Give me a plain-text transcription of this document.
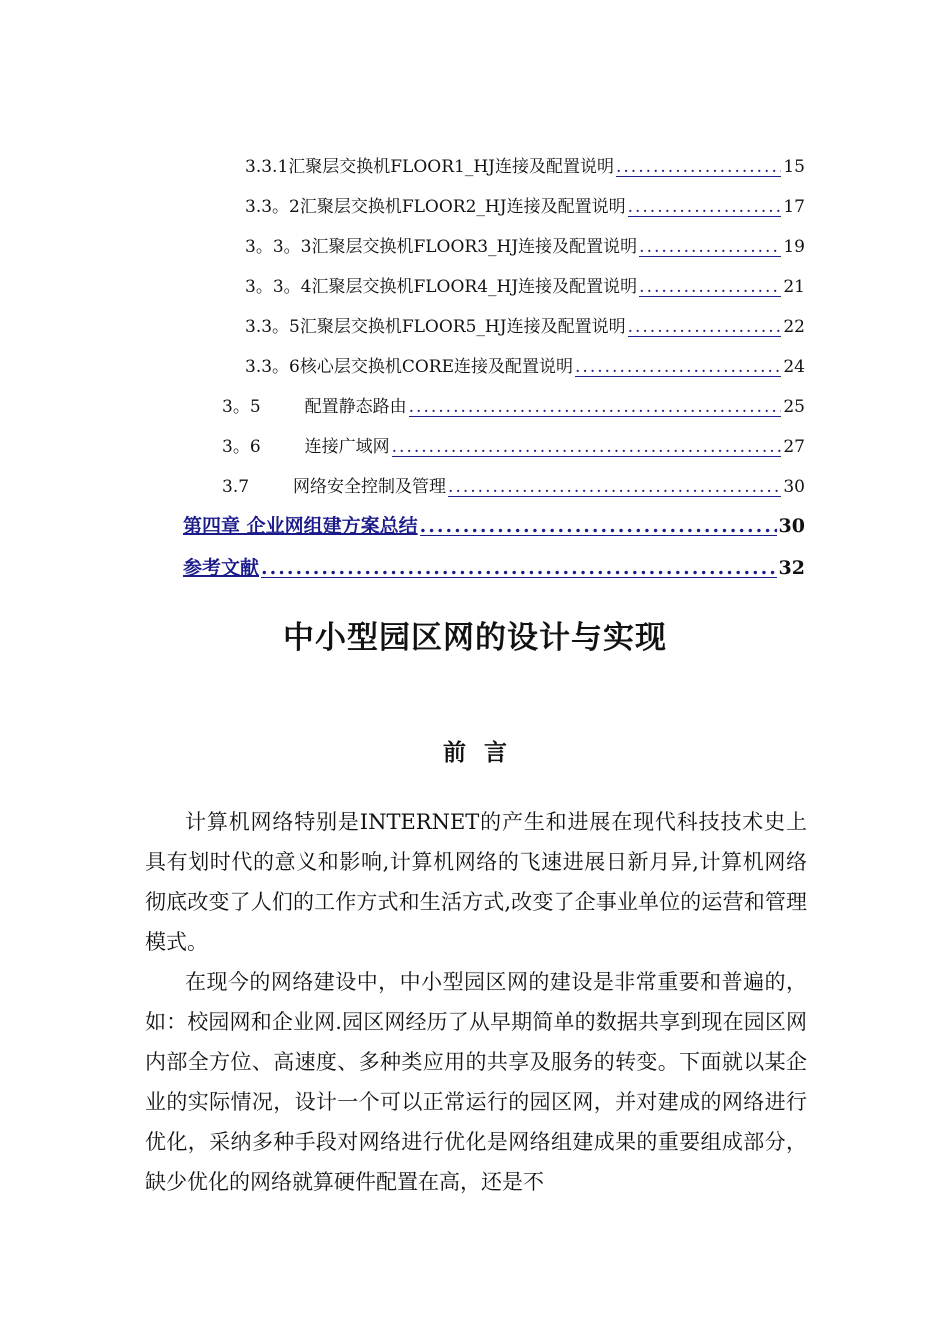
3.3.1汇聚层交换机FLOOR1_HJ连接及配置说明 .....	15
3.3。2汇聚层交换机FLOOR2_HJ连接及配置说明 .....	17
3。3。3汇聚层交换机FLOOR3_HJ连接及配置说明 .....	19
3。3。4汇聚层交换机FLOOR4_HJ连接及配置说明 .....	21
3.3。5汇聚层交换机FLOOR5_HJ连接及配置说明 .....	22
3.3。6核心层交换机CORE连接及配置说明 .....	24
3。5	配置静态路由 .....	25
3。6	连接广域网 .....	27
3.7	网络安全控制及管理 .....	30
第四章 企业网组建方案总结 .....	30
参考文献 .....	32
中小型园区网的设计与实现
前言

计算机网络特别是INTERNET的产生和进展在现代科技技术史上具有划时代的意义和影响,计算机网络的飞速进展日新月异,计算机网络彻底改变了人们的工作方式和生活方式,改变了企事业单位的运营和管理模式。

在现今的网络建设中，中小型园区网的建设是非常重要和普遍的，如：校园网和企业网.园区网经历了从早期简单的数据共享到现在园区网内部全方位、高速度、多种类应用的共享及服务的转变。下面就以某企业的实际情况，设计一个可以正常运行的园区网，并对建成的网络进行优化，采纳多种手段对网络进行优化是网络组建成果的重要组成部分，缺少优化的网络就算硬件配置在高，还是不
